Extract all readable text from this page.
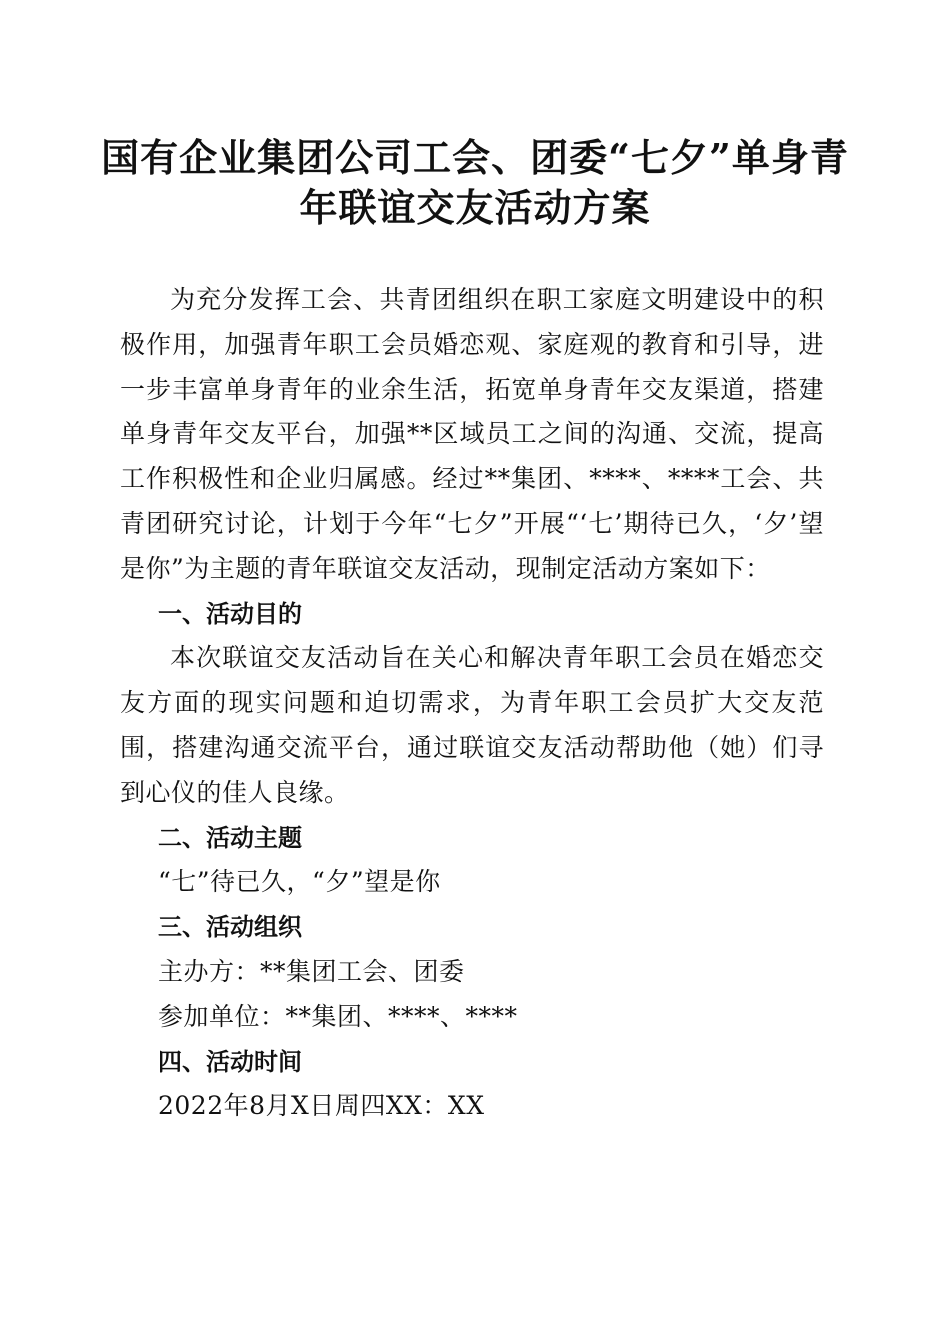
国有企业集团公司工会、团委“七夕”单身青
年联谊交友活动方案

为充分发挥工会、共青团组织在职工家庭文明建设中的积极作用，加强青年职工会员婚恋观、家庭观的教育和引导，进一步丰富单身青年的业余生活，拓宽单身青年交友渠道，搭建单身青年交友平台，加强**区域员工之间的沟通、交流，提高工作积极性和企业归属感。经过**集团、****、****工会、共青团研究讨论，计划于今年“七夕”开展“‘七’期待已久，‘夕’望是你”为主题的青年联谊交友活动，现制定活动方案如下：

一、活动目的

本次联谊交友活动旨在关心和解决青年职工会员在婚恋交友方面的现实问题和迫切需求，为青年职工会员扩大交友范围，搭建沟通交流平台，通过联谊交友活动帮助他（她）们寻到心仪的佳人良缘。

二、活动主题

“七”待已久，“夕”望是你

三、活动组织

主办方：**集团工会、团委

参加单位：**集团、****、****

四、活动时间

2022年8月X日周四XX：XX
